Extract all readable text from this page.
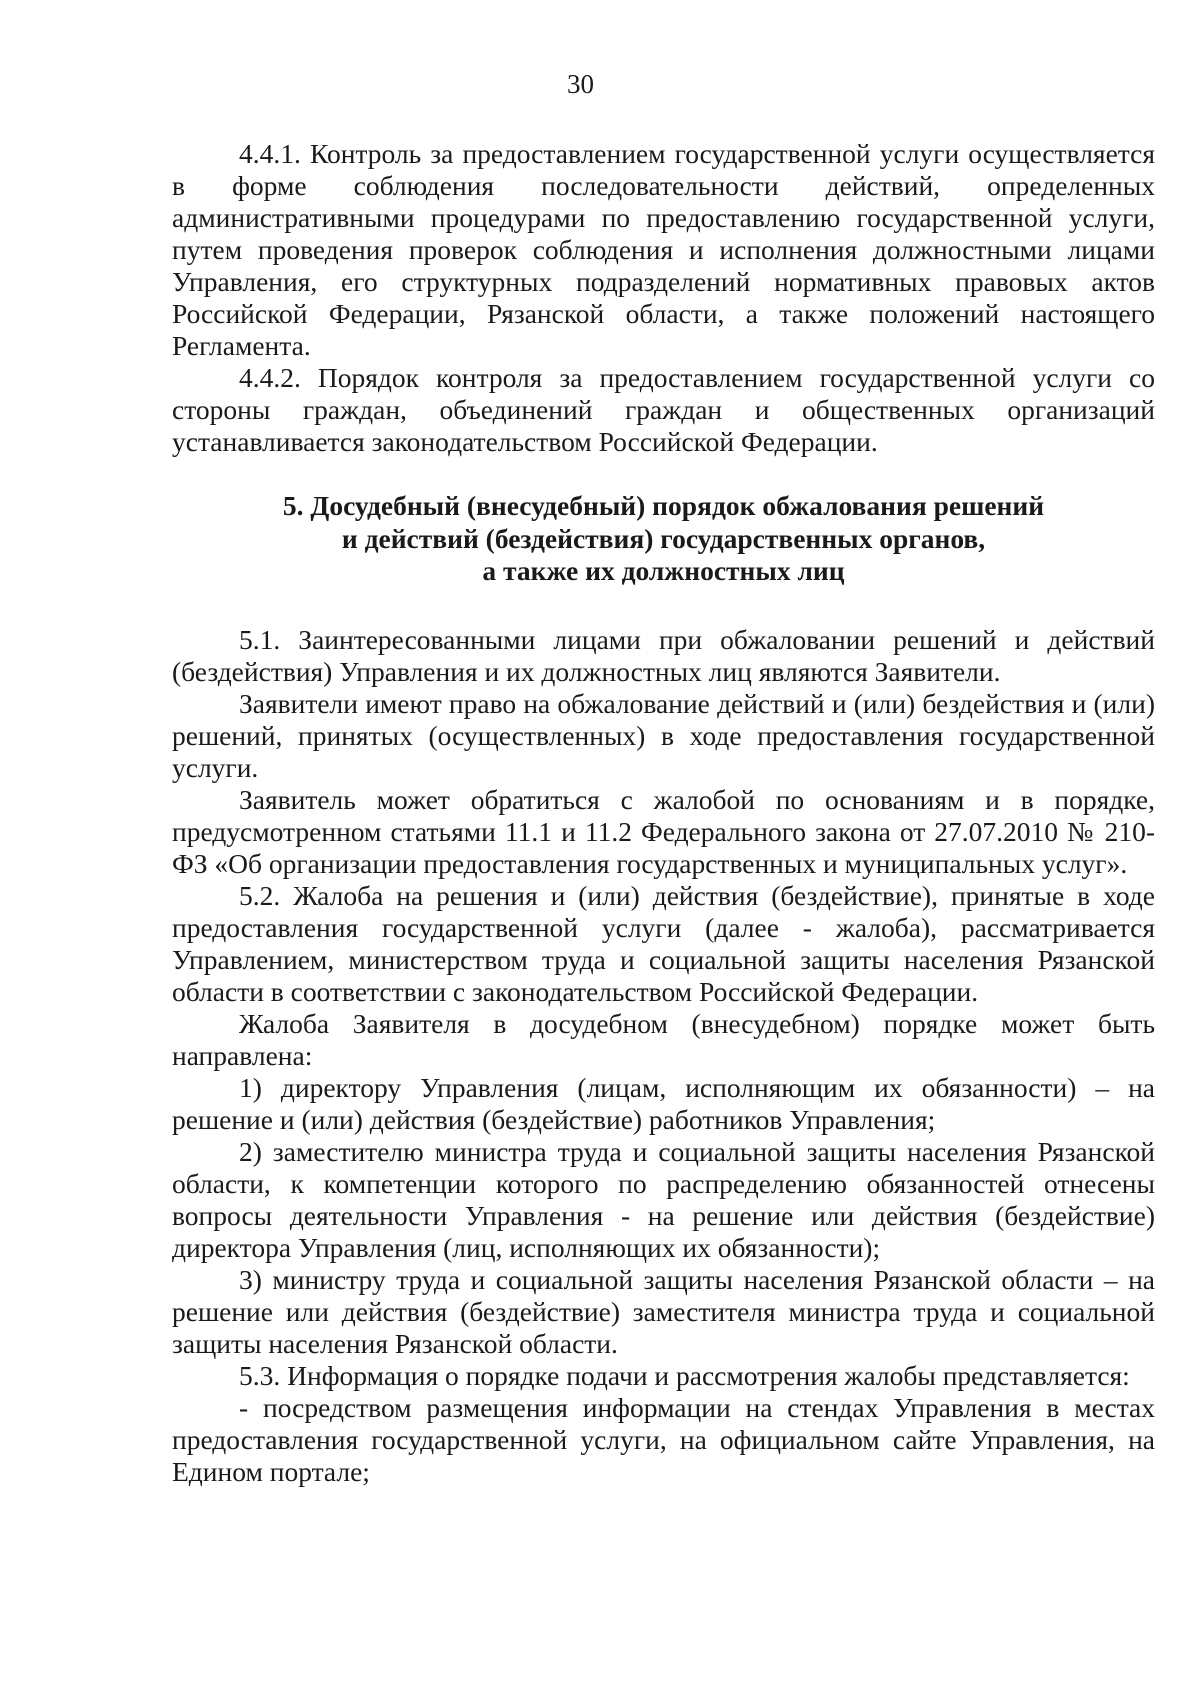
30

4.4.1. Контроль за предоставлением государственной услуги осуществляется в форме соблюдения последовательности действий, определенных административными процедурами по предоставлению государственной услуги, путем проведения проверок соблюдения и исполнения должностными лицами Управления, его структурных подразделений нормативных правовых актов Российской Федерации, Рязанской области, а также положений настоящего Регламента.

4.4.2. Порядок контроля за предоставлением государственной услуги со стороны граждан, объединений граждан и общественных организаций устанавливается законодательством Российской Федерации.

5. Досудебный (внесудебный) порядок обжалования решений
и действий (бездействия) государственных органов,
а также их должностных лиц

5.1. Заинтересованными лицами при обжаловании решений и действий (бездействия) Управления и их должностных лиц являются Заявители.

Заявители имеют право на обжалование действий и (или) бездействия и (или) решений, принятых (осуществленных) в ходе предоставления государственной услуги.

Заявитель может обратиться с жалобой по основаниям и в порядке, предусмотренном статьями 11.1 и 11.2 Федерального закона от 27.07.2010 № 210-ФЗ «Об организации предоставления государственных и муниципальных услуг».

5.2. Жалоба на решения и (или) действия (бездействие), принятые в ходе предоставления государственной услуги (далее - жалоба), рассматривается Управлением, министерством труда и социальной защиты населения Рязанской области в соответствии с законодательством Российской Федерации.

Жалоба Заявителя в досудебном (внесудебном) порядке может быть направлена:

1) директору Управления (лицам, исполняющим их обязанности) – на решение и (или) действия (бездействие) работников Управления;

2) заместителю министра труда и социальной защиты населения Рязанской области, к компетенции которого по распределению обязанностей отнесены вопросы деятельности Управления - на решение или действия (бездействие) директора Управления (лиц, исполняющих их обязанности);

3) министру труда и социальной защиты населения Рязанской области – на решение или действия (бездействие) заместителя министра труда и социальной защиты населения Рязанской области.

5.3. Информация о порядке подачи и рассмотрения жалобы представляется:

- посредством размещения информации на стендах Управления в местах предоставления государственной услуги, на официальном сайте Управления, на Едином портале;
